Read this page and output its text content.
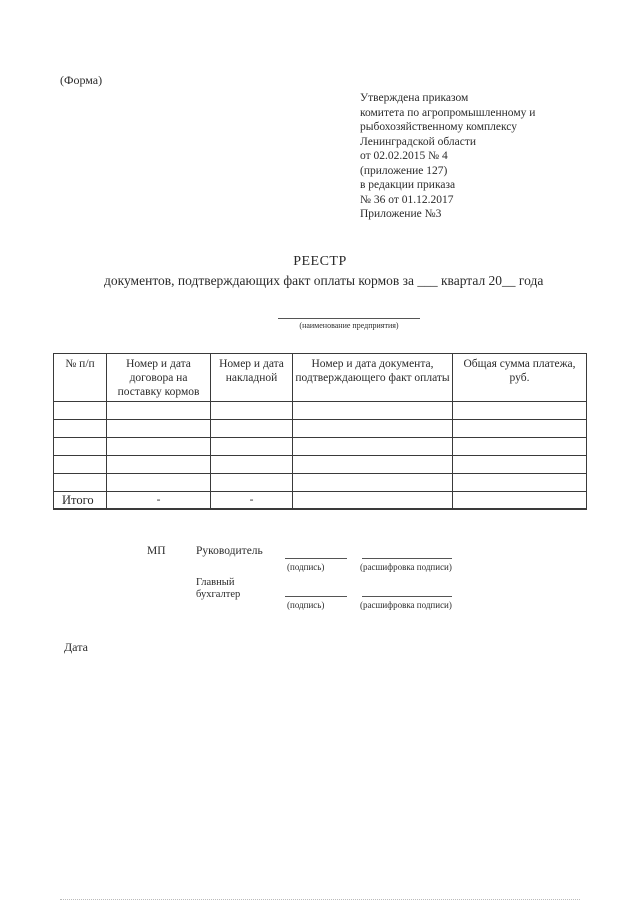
(Форма)
Утверждена приказом
комитета по агропромышленному и
рыбохозяйственному комплексу
Ленинградской области
от 02.02.2015 № 4
(приложение 127)
в редакции приказа
№ 36 от 01.12.2017
Приложение №3
РЕЕСТР
документов, подтверждающих факт оплаты кормов за ___ квартал 20__ года
(наименование предприятия)
№ п/п	Номер и дата договора на поставку кормов	Номер и дата накладной	Номер и дата документа, подтверждающего факт оплаты	Общая сумма платежа, руб.

Итого	-	-		
МП	Руководитель
(подпись)	(расшифровка подписи)
Главный
бухгалтер
(подпись)	(расшифровка подписи)
Дата
